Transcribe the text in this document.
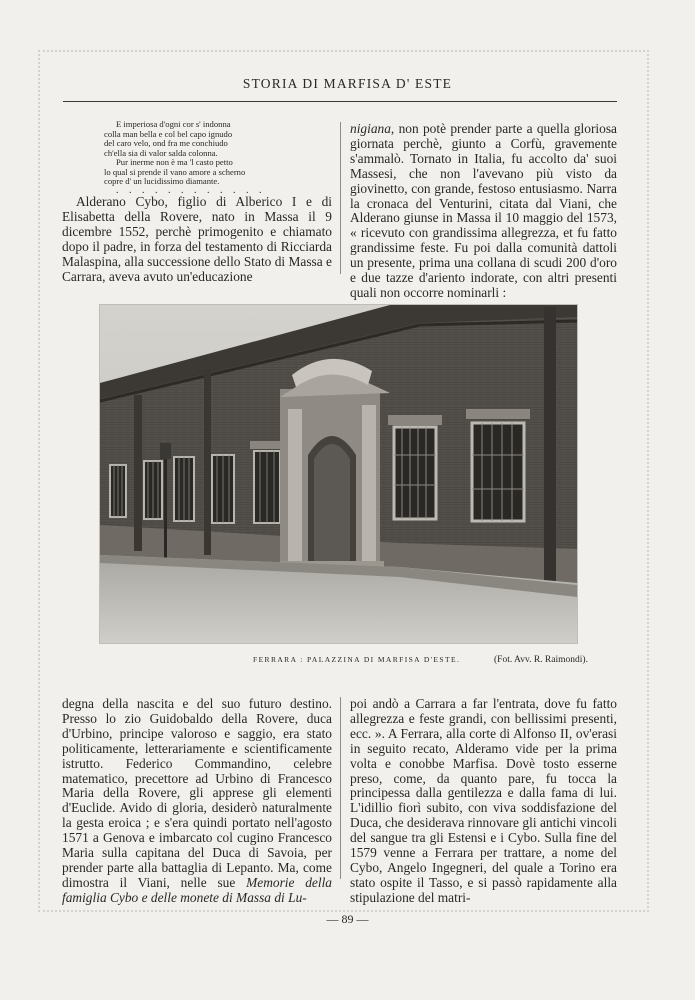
STORIA DI MARFISA D' ESTE
E imperiosa d'ogni cor s' indonna
colla man bella e col bel capo ignudo
del caro velo, ond fra me conchiudo
ch'ella sia di valor salda colonna.
Pur inerme non è ma 'l casto petto
lo qual si prende il vano amore a scherno
copre d' un lucidissimo diamante.
. . . . . . . . . . . .

Alderano Cybo, figlio di Alberico I e di Elisabetta della Rovere, nato in Massa il 9 dicembre 1552, perchè primogenito e chiamato dopo il padre, in forza del testamento di Ricciarda Malaspina, alla successione dello Stato di Massa e Carrara, aveva avuto un'educazione

nigiana, non potè prender parte a quella gloriosa giornata perchè, giunto a Corfù, gravemente s'ammalò. Tornato in Italia, fu accolto da' suoi Massesi, che non l'avevano più visto da giovinetto, con grande, festoso entusiasmo. Narra la cronaca del Venturini, citata dal Viani, che Alderano giunse in Massa il 10 maggio del 1573, « ricevuto con grandissima allegrezza, et fu fatto grandissime feste. Fu poi dalla comunità dattoli un presente, prima una collana di scudi 200 d'oro e due tazze d'ariento indorate, con altri presenti quali non occorre nominarli :

FERRARA : PALAZZINA DI MARFISA D'ESTE.	(Fot. Avv. R. Raimondi).

degna della nascita e del suo futuro destino. Presso lo zio Guidobaldo della Rovere, duca d'Urbino, principe valoroso e saggio, era stato politicamente, letterariamente e scientificamente istrutto. Federico Commandino, celebre matematico, precettore ad Urbino di Francesco Maria della Rovere, gli apprese gli elementi d'Euclide. Avido di gloria, desiderò naturalmente la gesta eroica ; e s'era quindi portato nell'agosto 1571 a Genova e imbarcato col cugino Francesco Maria sulla capitana del Duca di Savoia, per prender parte alla battaglia di Lepanto. Ma, come dimostra il Viani, nelle sue Memorie della famiglia Cybo e delle monete di Massa di Lu-

poi andò a Carrara a far l'entrata, dove fu fatto allegrezza e feste grandi, con bellissimi presenti, ecc. ». A Ferrara, alla corte di Alfonso II, ov'erasi in seguito recato, Alderamo vide per la prima volta e conobbe Marfisa. Dovè tosto esserne preso, come, da quanto pare, fu tocca la principessa dalla gentilezza e dalla fama di lui. L'idillio fiorì subito, con viva soddisfazione del Duca, che desiderava rinnovare gli antichi vincoli del sangue tra gli Estensi e i Cybo. Sulla fine del 1579 venne a Ferrara per trattare, a nome del Cybo, Angelo Ingegneri, del quale a Torino era stato ospite il Tasso, e si passò rapidamente alla stipulazione del matri-

— 89 —
